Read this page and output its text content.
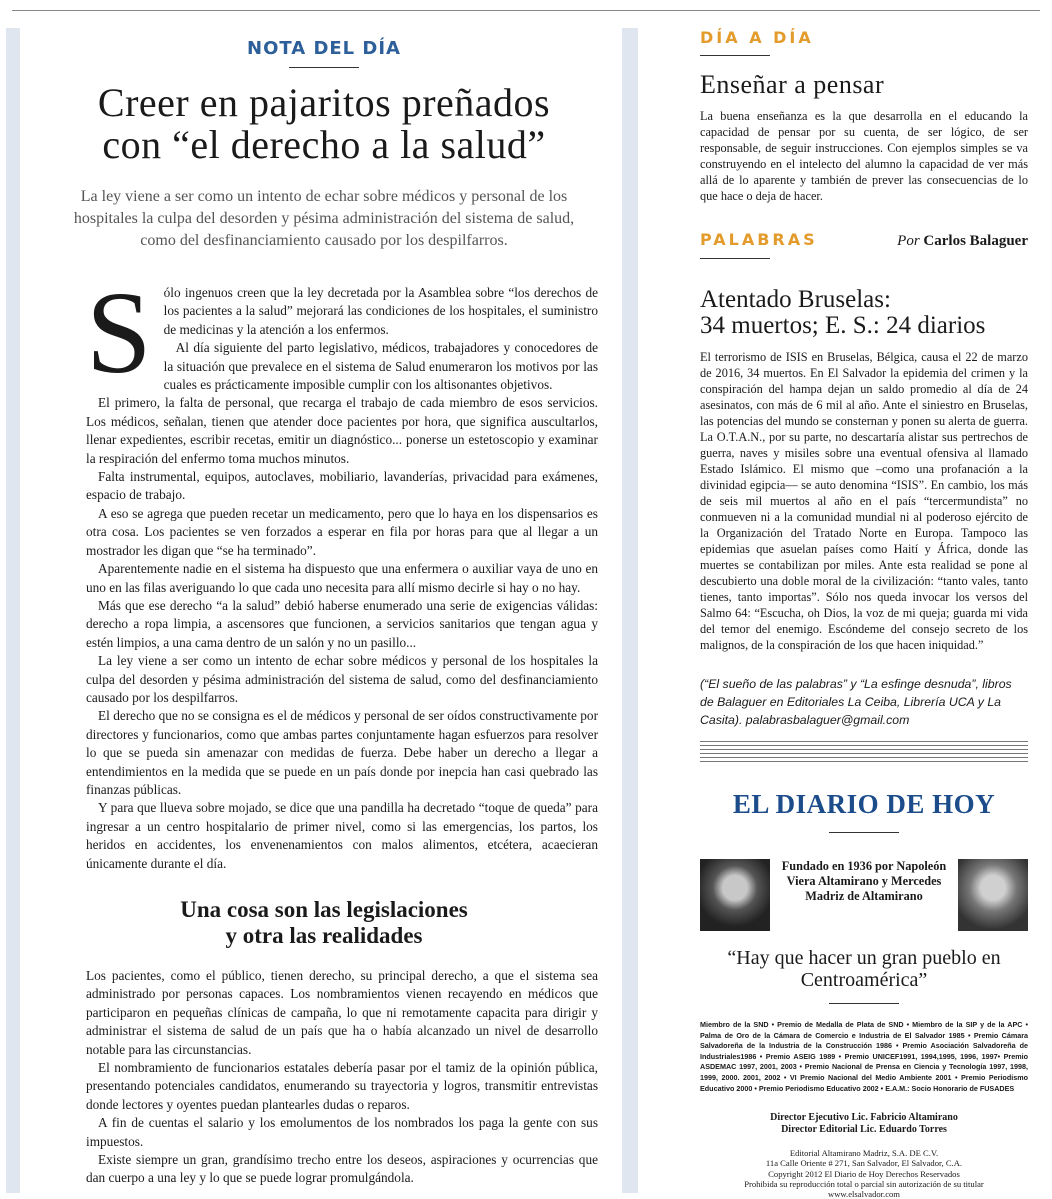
NOTA DEL DÍA
Creer en pajaritos preñados
con “el derecho a la salud”
La ley viene a ser como un intento de echar sobre médicos y personal de los hospitales la culpa del desorden y pésima administración del sistema de salud, como del desfinanciamiento causado por los despilfarros.
S ólo ingenuos creen que la ley decretada por la Asamblea sobre “los derechos de los pacientes a la salud” mejorará las condiciones de los hospitales, el suministro de medicinas y la atención a los enfermos.

Al día siguiente del parto legislativo, médicos, trabajadores y conocedores de la situación que prevalece en el sistema de Salud enumeraron los motivos por las cuales es prácticamente imposible cumplir con los altisonantes objetivos.

El primero, la falta de personal, que recarga el trabajo de cada miembro de esos servicios. Los médicos, señalan, tienen que atender doce pacientes por hora, que significa auscultarlos, llenar expedientes, escribir recetas, emitir un diagnóstico... ponerse un estetoscopio y examinar la respiración del enfermo toma muchos minutos.

Falta instrumental, equipos, autoclaves, mobiliario, lavanderías, privacidad para exámenes, espacio de trabajo.

A eso se agrega que pueden recetar un medicamento, pero que lo haya en los dispensarios es otra cosa. Los pacientes se ven forzados a esperar en fila por horas para que al llegar a un mostrador les digan que “se ha terminado”.

Aparentemente nadie en el sistema ha dispuesto que una enfermera o auxiliar vaya de uno en uno en las filas averiguando lo que cada uno necesita para allí mismo decirle si hay o no hay.

Más que ese derecho “a la salud” debió haberse enumerado una serie de exigencias válidas: derecho a ropa limpia, a ascensores que funcionen, a servicios sanitarios que tengan agua y estén limpios, a una cama dentro de un salón y no un pasillo...

La ley viene a ser como un intento de echar sobre médicos y personal de los hospitales la culpa del desorden y pésima administración del sistema de salud, como del desfinanciamiento causado por los despilfarros.

El derecho que no se consigna es el de médicos y personal de ser oídos constructivamente por directores y funcionarios, como que ambas partes conjuntamente hagan esfuerzos para resolver lo que se pueda sin amenazar con medidas de fuerza. Debe haber un derecho a llegar a entendimientos en la medida que se puede en un país donde por inepcia han casi quebrado las finanzas públicas.

Y para que llueva sobre mojado, se dice que una pandilla ha decretado “toque de queda” para ingresar a un centro hospitalario de primer nivel, como si las emergencias, los partos, los heridos en accidentes, los envenenamientos con malos alimentos, etcétera, acaecieran únicamente durante el día.

Una cosa son las legislaciones
y otra las realidades

Los pacientes, como el público, tienen derecho, su principal derecho, a que el sistema sea administrado por personas capaces. Los nombramientos vienen recayendo en médicos que participaron en pequeñas clínicas de campaña, lo que ni remotamente capacita para dirigir y administrar el sistema de salud de un país que ha o había alcanzado un nivel de desarrollo notable para las circunstancias.

El nombramiento de funcionarios estatales debería pasar por el tamiz de la opinión pública, presentando potenciales candidatos, enumerando su trayectoria y logros, transmitir entrevistas donde lectores y oyentes puedan plantearles dudas o reparos.

A fin de cuentas el salario y los emolumentos de los nombrados los paga la gente con sus impuestos.

Existe siempre un gran, grandísimo trecho entre los deseos, aspiraciones y ocurrencias que dan cuerpo a una ley y lo que se puede lograr promulgándola.

DÍA A DÍA
Enseñar a pensar

La buena enseñanza es la que desarrolla en el educando la capacidad de pensar por su cuenta, de ser lógico, de ser responsable, de seguir instrucciones. Con ejemplos simples se va construyendo en el intelecto del alumno la capacidad de ver más allá de lo aparente y también de prever las consecuencias de lo que hace o deja de hacer.

PALABRAS	Por Carlos Balaguer
Atentado Bruselas:
34 muertos; E. S.: 24 diarios

El terrorismo de ISIS en Bruselas, Bélgica, causa el 22 de marzo de 2016, 34 muertos. En El Salvador la epidemia del crimen y la conspiración del hampa dejan un saldo promedio al día de 24 asesinatos, con más de 6 mil al año. Ante el siniestro en Bruselas, las potencias del mundo se consternan y ponen su alerta de guerra. La O.T.A.N., por su parte, no descartaría alistar sus pertrechos de guerra, naves y misiles sobre una eventual ofensiva al llamado Estado Islámico. El mismo que –como una profanación a la divinidad egipcia— se auto denomina “ISIS”. En cambio, los más de seis mil muertos al año en el país “tercermundista” no conmueven ni a la comunidad mundial ni al poderoso ejército de la Organización del Tratado Norte en Europa. Tampoco las epidemias que asuelan países como Haití y África, donde las muertes se contabilizan por miles. Ante esta realidad se pone al descubierto una doble moral de la civilización: “tanto vales, tanto tienes, tanto importas”. Sólo nos queda invocar los versos del Salmo 64: “Escucha, oh Dios, la voz de mi queja; guarda mi vida del temor del enemigo. Escóndeme del consejo secreto de los malignos, de la conspiración de los que hacen iniquidad.”

(“El sueño de las palabras” y “La esfinge desnuda”, libros de Balaguer en Editoriales La Ceiba, Librería UCA y La Casita). palabrasbalaguer@gmail.com
EL DIARIO DE HOY
Fundado en 1936 por Napoleón Viera Altamirano y Mercedes Madriz de Altamirano
“Hay que hacer un gran pueblo en Centroamérica”
Miembro de la SND • Premio de Medalla de Plata de SND • Miembro de la SIP y de la APC • Palma de Oro de la Cámara de Comercio e Industria de El Salvador 1985 • Premio Cámara Salvadoreña de la Industria de la Construcción 1986 • Premio Asociación Salvadoreña de Industriales1986 • Premio ASEIG 1989 • Premio UNICEF1991, 1994,1995, 1996, 1997• Premio ASDEMAC 1997, 2001, 2003 • Premio Nacional de Prensa en Ciencia y Tecnología 1997, 1998, 1999, 2000. 2001, 2002 • VI Premio Nacional del Medio Ambiente 2001 • Premio Periodismo Educativo 2000 • Premio Periodismo Educativo 2002 • E.A.M.: Socio Honorario de FUSADES
Director Ejecutivo Lic. Fabricio Altamirano
Director Editorial Lic. Eduardo Torres
Editorial Altamirano Madriz, S.A. DE C.V.
11a Calle Oriente # 271, San Salvador, El Salvador, C.A.
Copyright 2012 El Diario de Hoy Derechos Reservados
Prohibida su reproducción total o parcial sin autorización de su titular
www.elsalvador.com
